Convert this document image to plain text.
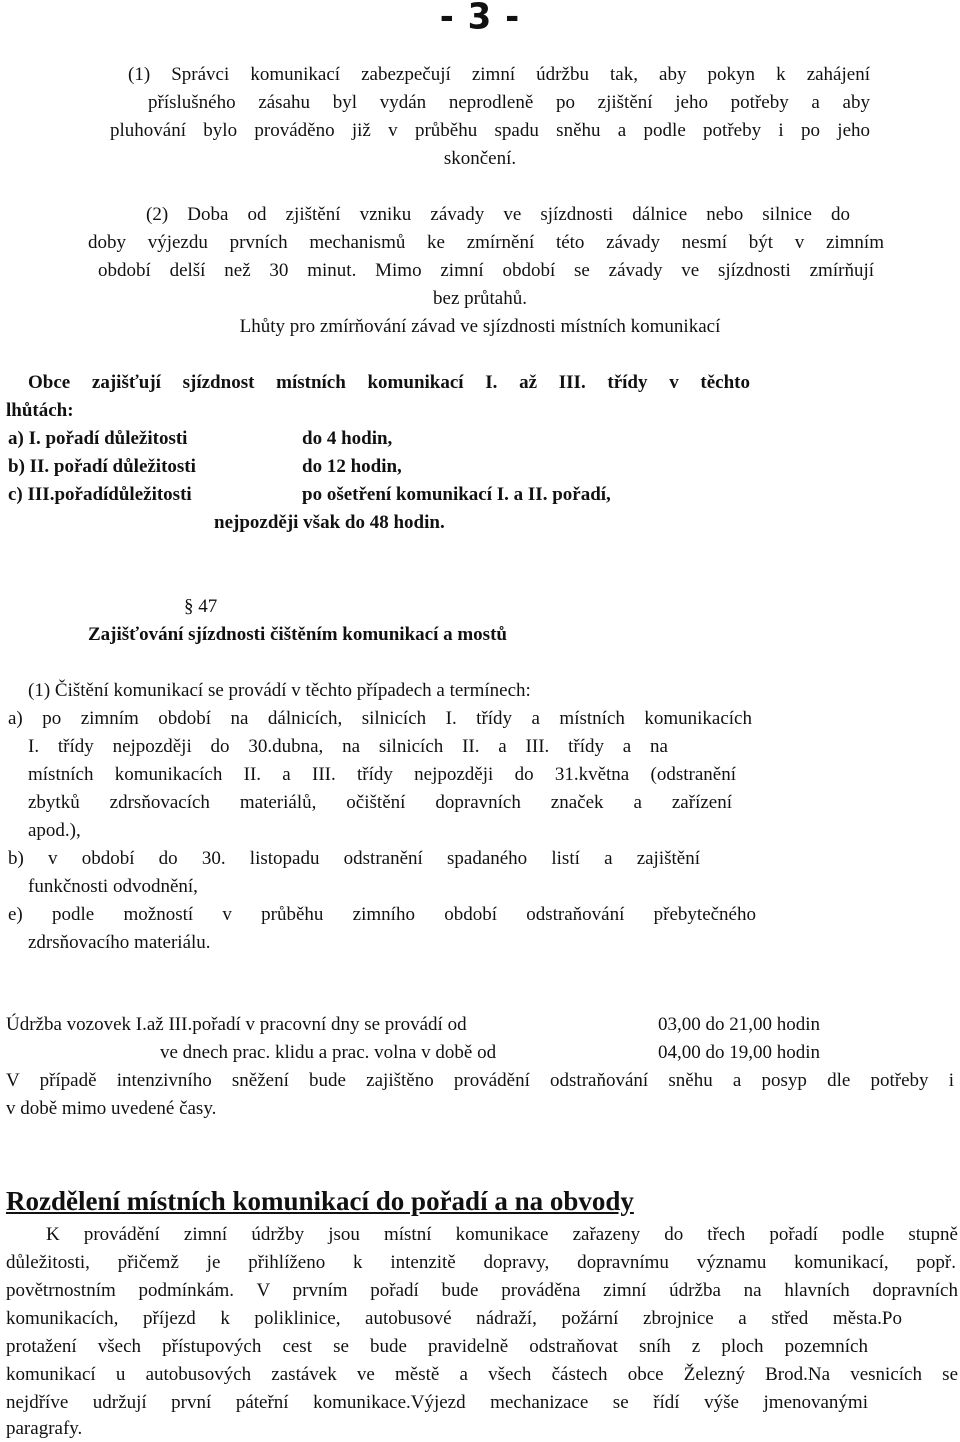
- 3 -
(1) Správci komunikací zabezpečují zimní údržbu tak, aby pokyn k zahájení
příslušného zásahu byl vydán neprodleně po zjištění jeho potřeby a aby
pluhování bylo prováděno již v průběhu spadu sněhu a podle potřeby i po jeho
skončení.
(2) Doba od zjištění vzniku závady ve sjízdnosti dálnice nebo silnice do
doby výjezdu prvních mechanismů ke zmírnění této závady nesmí být v zimním
období delší než 30 minut. Mimo zimní období se závady ve sjízdnosti zmírňují
bez průtahů.
Lhůty pro zmírňování závad ve sjízdnosti místních komunikací
Obce zajišťují sjízdnost místních komunikací I. až III. třídy v těchto
lhůtách:
a) I. pořadí důležitosti	do 4 hodin,
b) II. pořadí důležitosti	do 12 hodin,
c) III.pořadídůležitosti	po ošetření komunikací I. a II. pořadí,
nejpozději však do 48 hodin.
§ 47
Zajišťování sjízdnosti čištěním komunikací a mostů
(1) Čištění komunikací se provádí v těchto případech a termínech:
a) po zimním období na dálnicích, silnicích I. třídy a místních komunikacích
I. třídy nejpozději do 30.dubna, na silnicích II. a III. třídy a na
místních komunikacích II. a III. třídy nejpozději do 31.května (odstranění
zbytků zdrsňovacích materiálů, očištění dopravních značek a zařízení
apod.),
b) v období do 30. listopadu odstranění spadaného listí a zajištění
funkčnosti odvodnění,
e) podle možností v průběhu zimního období odstraňování přebytečného
zdrsňovacího materiálu.
Údržba vozovek I.až III.pořadí v pracovní dny se provádí od	03,00 do 21,00 hodin
ve dnech prac. klidu a prac. volna v době od	04,00 do 19,00 hodin
V případě intenzivního sněžení bude zajištěno provádění odstraňování sněhu a posyp dle potřeby i
v době mimo uvedené časy.
Rozdělení místních komunikací do pořadí a na obvody
K provádění zimní údržby jsou místní komunikace zařazeny do třech pořadí podle stupně
důležitosti, přičemž je přihlíženo k intenzitě dopravy, dopravnímu významu komunikací, popř.
povětrnostním podmínkám. V prvním pořadí bude prováděna zimní údržba na hlavních dopravních
komunikacích, příjezd k poliklinice, autobusové nádraží, požární zbrojnice a střed města.Po
protažení všech přístupových cest se bude pravidelně odstraňovat sníh z ploch pozemních
komunikací u autobusových zastávek ve městě a všech částech obce Železný Brod.Na vesnicích se
nejdříve udržují první páteřní komunikace.Výjezd mechanizace se řídí výše jmenovanými
paragrafy.
